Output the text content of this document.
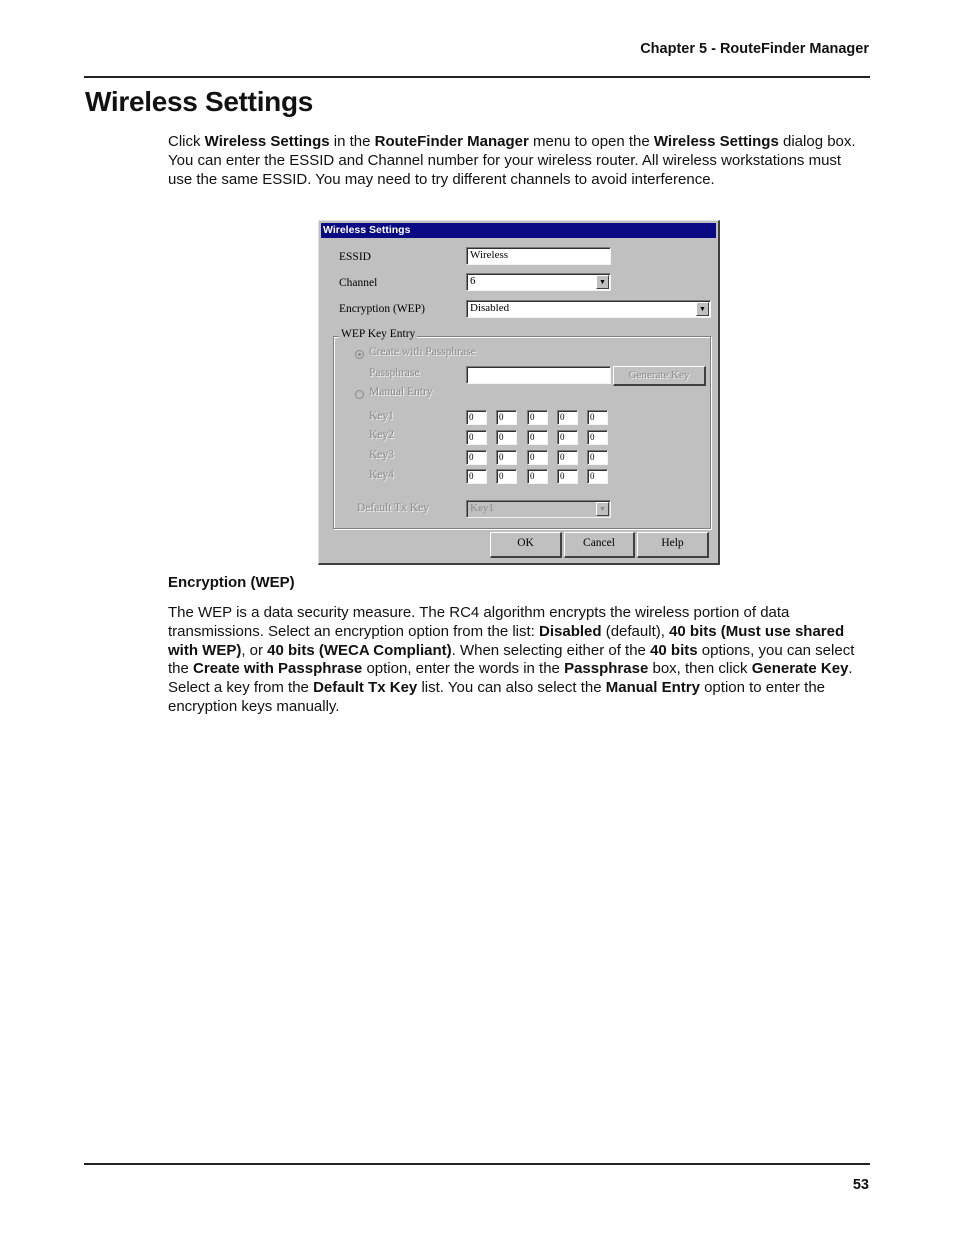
Chapter 5 - RouteFinder Manager
Wireless Settings
Click Wireless Settings in the RouteFinder Manager menu to open the Wireless Settings dialog box. You can enter the ESSID and Channel number for your wireless router. All wireless workstations must use the same ESSID. You may need to try different channels to avoid interference.
Wireless Settings
ESSID	Wireless
Channel	6	▼
Encryption (WEP)	Disabled	▼
WEP Key Entry
Create with Passphrase
Passphrase	Generate Key
Manual Entry
Key1	0	0	0	0	0
Key2	0	0	0	0	0
Key3	0	0	0	0	0
Key4	0	0	0	0	0
Default Tx Key	Key1	▼
OK	Cancel	Help
Encryption (WEP)
The WEP is a data security measure. The RC4 algorithm encrypts the wireless portion of data transmissions. Select an encryption option from the list: Disabled (default), 40 bits (Must use shared with WEP), or 40 bits (WECA Compliant). When selecting either of the 40 bits options, you can select the Create with Passphrase option, enter the words in the Passphrase box, then click Generate Key. Select a key from the Default Tx Key list. You can also select the Manual Entry option to enter the encryption keys manually.
53
